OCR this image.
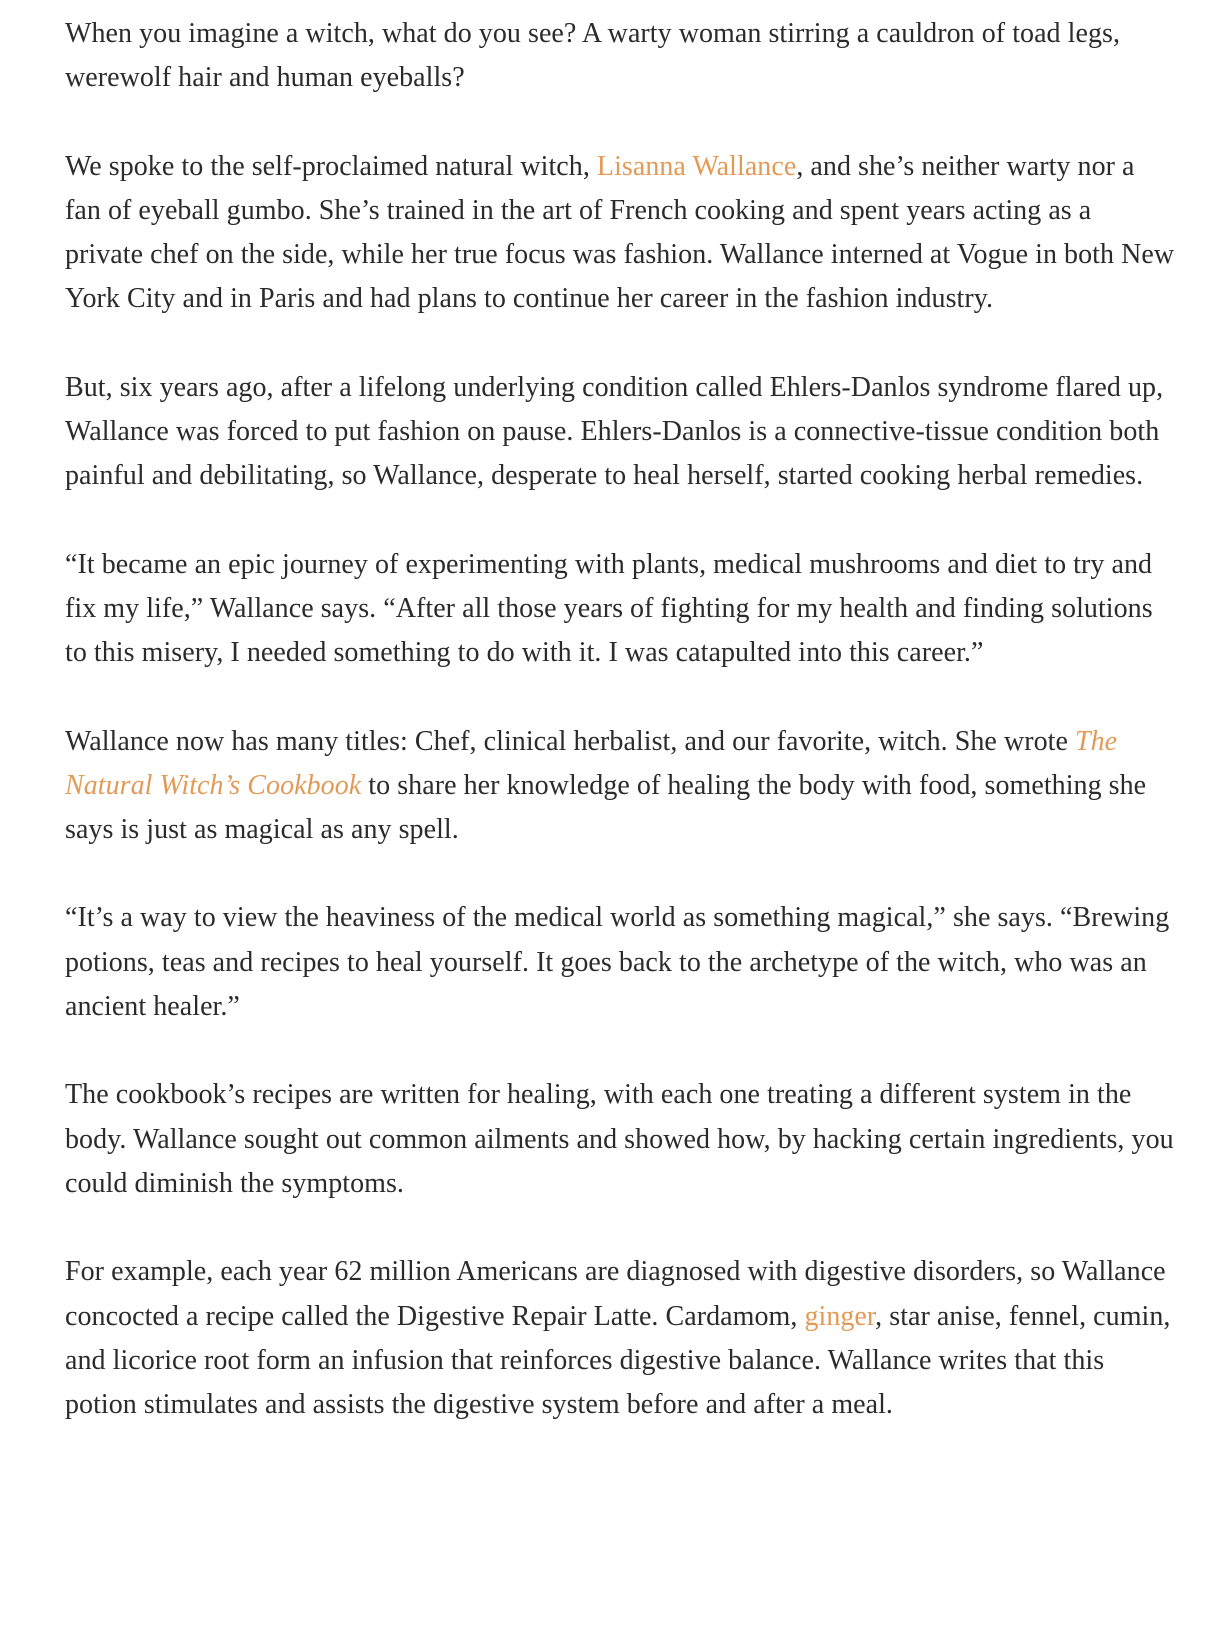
When you imagine a witch, what do you see? A warty woman stirring a cauldron of toad legs, werewolf hair and human eyeballs?

We spoke to the self-proclaimed natural witch, Lisanna Wallance, and she’s neither warty nor a fan of eyeball gumbo. She’s trained in the art of French cooking and spent years acting as a private chef on the side, while her true focus was fashion. Wallance interned at Vogue in both New York City and in Paris and had plans to continue her career in the fashion industry.

But, six years ago, after a lifelong underlying condition called Ehlers-Danlos syndrome flared up, Wallance was forced to put fashion on pause. Ehlers-Danlos is a connective-tissue condition both painful and debilitating, so Wallance, desperate to heal herself, started cooking herbal remedies.

“It became an epic journey of experimenting with plants, medical mushrooms and diet to try and fix my life,” Wallance says. “After all those years of fighting for my health and finding solutions to this misery, I needed something to do with it. I was catapulted into this career.”

Wallance now has many titles: Chef, clinical herbalist, and our favorite, witch. She wrote The Natural Witch’s Cookbook to share her knowledge of healing the body with food, something she says is just as magical as any spell.

“It’s a way to view the heaviness of the medical world as something magical,” she says. “Brewing potions, teas and recipes to heal yourself. It goes back to the archetype of the witch, who was an ancient healer.”

The cookbook’s recipes are written for healing, with each one treating a different system in the body. Wallance sought out common ailments and showed how, by hacking certain ingredients, you could diminish the symptoms.

For example, each year 62 million Americans are diagnosed with digestive disorders, so Wallance concocted a recipe called the Digestive Repair Latte. Cardamom, ginger, star anise, fennel, cumin, and licorice root form an infusion that reinforces digestive balance. Wallance writes that this potion stimulates and assists the digestive system before and after a meal.
